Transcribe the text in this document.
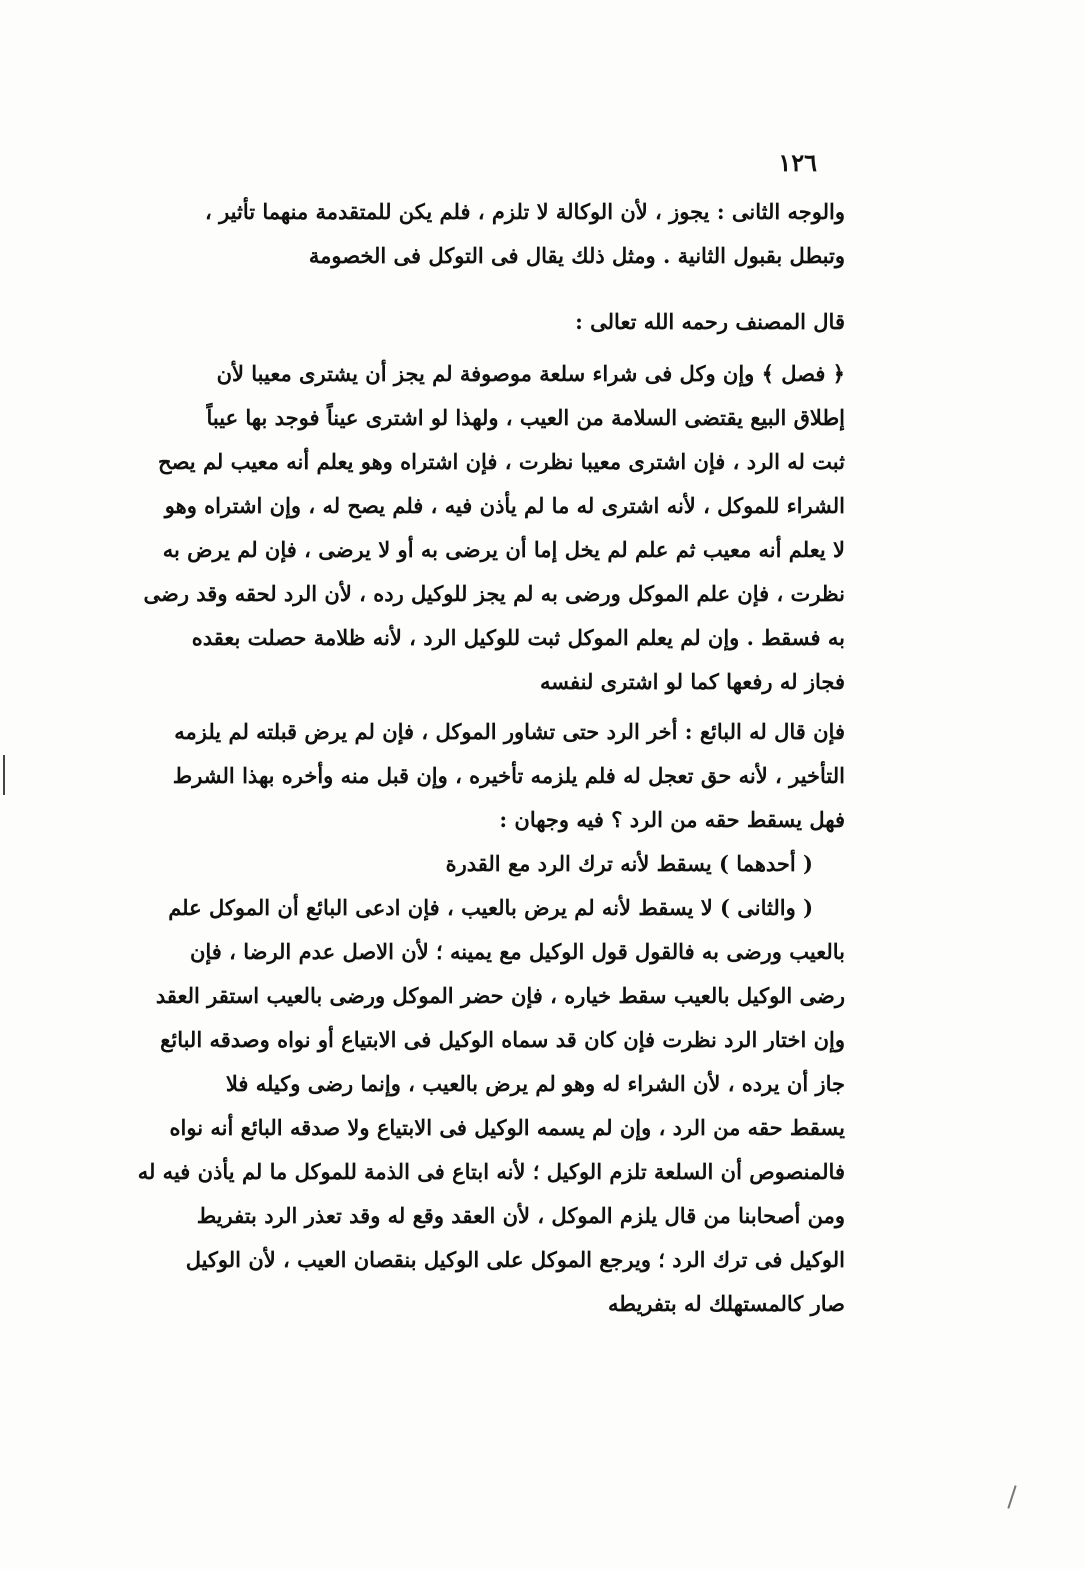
١٢٦

والوجه الثانى : يجوز ، لأن الوكالة لا تلزم ، فلم يكن للمتقدمة منهما تأثير ،

وتبطل بقبول الثانية . ومثل ذلك يقال فى التوكل فى الخصومة

قال المصنف رحمه الله تعالى :

﴿ فصل ﴾ وإن وكل فى شراء سلعة موصوفة لم يجز أن يشترى معيبا لأن

إطلاق البيع يقتضى السلامة من العيب ، ولهذا لو اشترى عيناً فوجد بها عيباً

ثبت له الرد ، فإن اشترى معيبا نظرت ، فإن اشتراه وهو يعلم أنه معيب لم يصح

الشراء للموكل ، لأنه اشترى له ما لم يأذن فيه ، فلم يصح له ، وإن اشتراه وهو

لا يعلم أنه معيب ثم علم لم يخل إما أن يرضى به أو لا يرضى ، فإن لم يرض به

نظرت ، فإن علم الموكل ورضى به لم يجز للوكيل رده ، لأن الرد لحقه وقد رضى

به فسقط . وإن لم يعلم الموكل ثبت للوكيل الرد ، لأنه ظلامة حصلت بعقده

فجاز له رفعها كما لو اشترى لنفسه

فإن قال له البائع : أخر الرد حتى تشاور الموكل ، فإن لم يرض قبلته لم يلزمه

التأخير ، لأنه حق تعجل له فلم يلزمه تأخيره ، وإن قبل منه وأخره بهذا الشرط

فهل يسقط حقه من الرد ؟ فيه وجهان :

( أحدهما ) يسقط لأنه ترك الرد مع القدرة

( والثانى ) لا يسقط لأنه لم يرض بالعيب ، فإن ادعى البائع أن الموكل علم

بالعيب ورضى به فالقول قول الوكيل مع يمينه ؛ لأن الاصل عدم الرضا ، فإن

رضى الوكيل بالعيب سقط خياره ، فإن حضر الموكل ورضى بالعيب استقر العقد

وإن اختار الرد نظرت فإن كان قد سماه الوكيل فى الابتياع أو نواه وصدقه البائع

جاز أن يرده ، لأن الشراء له وهو لم يرض بالعيب ، وإنما رضى وكيله فلا

يسقط حقه من الرد ، وإن لم يسمه الوكيل فى الابتياع ولا صدقه البائع أنه نواه

فالمنصوص أن السلعة تلزم الوكيل ؛ لأنه ابتاع فى الذمة للموكل ما لم يأذن فيه له

ومن أصحابنا من قال يلزم الموكل ، لأن العقد وقع له وقد تعذر الرد بتفريط

الوكيل فى ترك الرد ؛ ويرجع الموكل على الوكيل بنقصان العيب ، لأن الوكيل

صار كالمستهلك له بتفريطه
